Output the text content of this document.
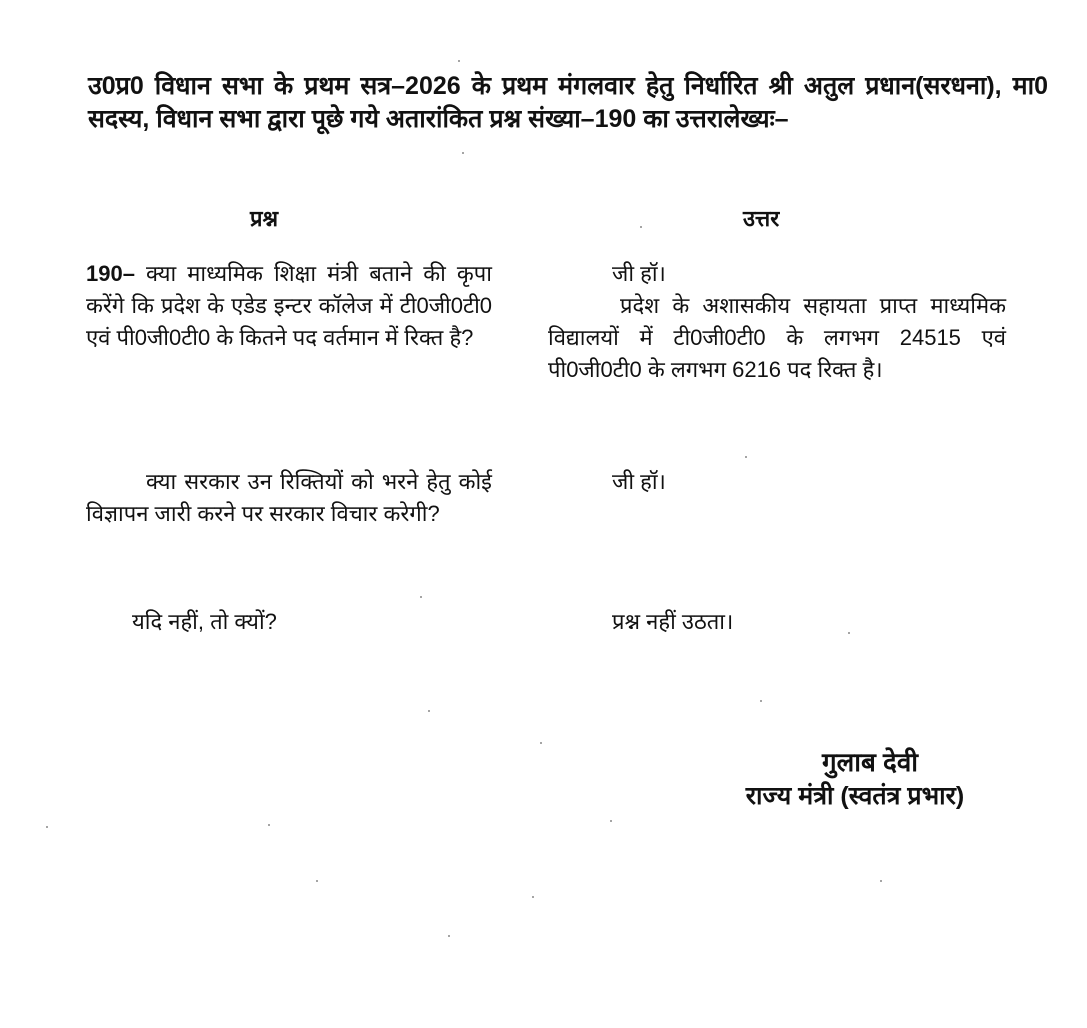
उ0प्र0 विधान सभा के प्रथम सत्र–2026 के प्रथम मंगलवार हेतु निर्धारित श्री अतुल प्रधान(सरधना), मा0 सदस्य, विधान सभा द्वारा पूछे गये अतारांकित प्रश्न संख्या–190 का उत्तरालेख्यः–
प्रश्न	उत्तर
190– क्या माध्यमिक शिक्षा मंत्री बताने की कृपा करेंगे कि प्रदेश के एडेड इन्टर कॉलेज में टी0जी0टी0 एवं पी0जी0टी0 के कितने पद वर्तमान में रिक्त है?
क्या सरकार उन रिक्तियों को भरने हेतु कोई विज्ञापन जारी करने पर सरकार विचार करेगी?
यदि नहीं, तो क्यों?
जी हॉ।
प्रदेश के अशासकीय सहायता प्राप्त माध्यमिक विद्यालयों में टी0जी0टी0 के लगभग 24515 एवं पी0जी0टी0 के लगभग 6216 पद रिक्त है।
जी हॉ।
प्रश्न नहीं उठता।
गुलाब देवी
राज्य मंत्री (स्वतंत्र प्रभार)
